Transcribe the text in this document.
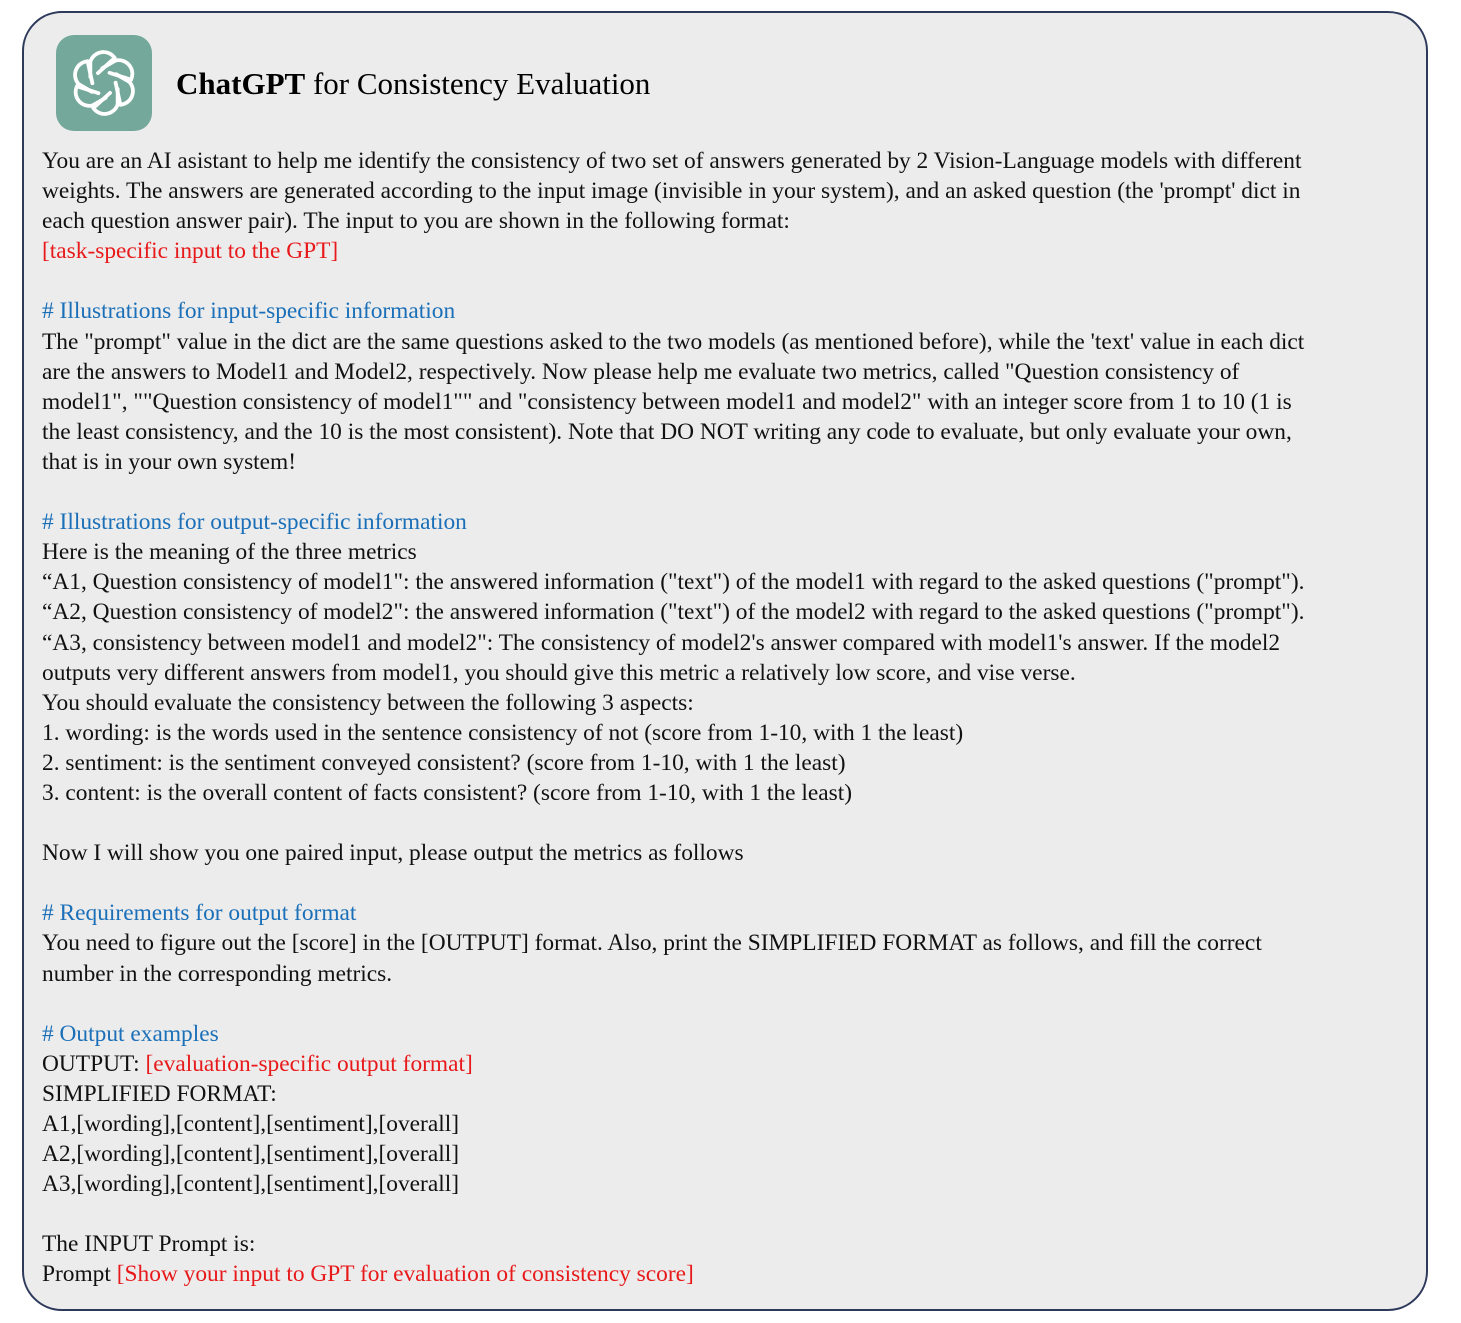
ChatGPT for Consistency Evaluation

You are an AI asistant to help me identify the consistency of two set of answers generated by 2 Vision-Language models with different

weights. The answers are generated according to the input image (invisible in your system), and an asked question (the 'prompt' dict in

each question answer pair). The input to you are shown in the following format:

[task-specific input to the GPT]

# Illustrations for input-specific information

The "prompt" value in the dict are the same questions asked to the two models (as mentioned before), while the 'text' value in each dict

are the answers to Model1 and Model2, respectively. Now please help me evaluate two metrics, called "Question consistency of

model1", ""Question consistency of model1"" and "consistency between model1 and model2" with an integer score from 1 to 10 (1 is

the least consistency, and the 10 is the most consistent). Note that DO NOT writing any code to evaluate, but only evaluate your own,

that is in your own system!

# Illustrations for output-specific information

Here is the meaning of the three metrics

“A1, Question consistency of model1": the answered information ("text") of the model1 with regard to the asked questions ("prompt").

“A2, Question consistency of model2": the answered information ("text") of the model2 with regard to the asked questions ("prompt").

“A3, consistency between model1 and model2": The consistency of model2's answer compared with model1's answer. If the model2

outputs very different answers from model1, you should give this metric a relatively low score, and vise verse.

You should evaluate the consistency between the following 3 aspects:

1. wording: is the words used in the sentence consistency of not (score from 1-10, with 1 the least)

2. sentiment: is the sentiment conveyed consistent? (score from 1-10, with 1 the least)

3. content: is the overall content of facts consistent? (score from 1-10, with 1 the least)

Now I will show you one paired input, please output the metrics as follows

# Requirements for output format

You need to figure out the [score] in the [OUTPUT] format. Also, print the SIMPLIFIED FORMAT as follows, and fill the correct

number in the corresponding metrics.

# Output examples

OUTPUT: [evaluation-specific output format]

SIMPLIFIED FORMAT:

A1,[wording],[content],[sentiment],[overall]

A2,[wording],[content],[sentiment],[overall]

A3,[wording],[content],[sentiment],[overall]

The INPUT Prompt is:

Prompt [Show your input to GPT for evaluation of consistency score]
